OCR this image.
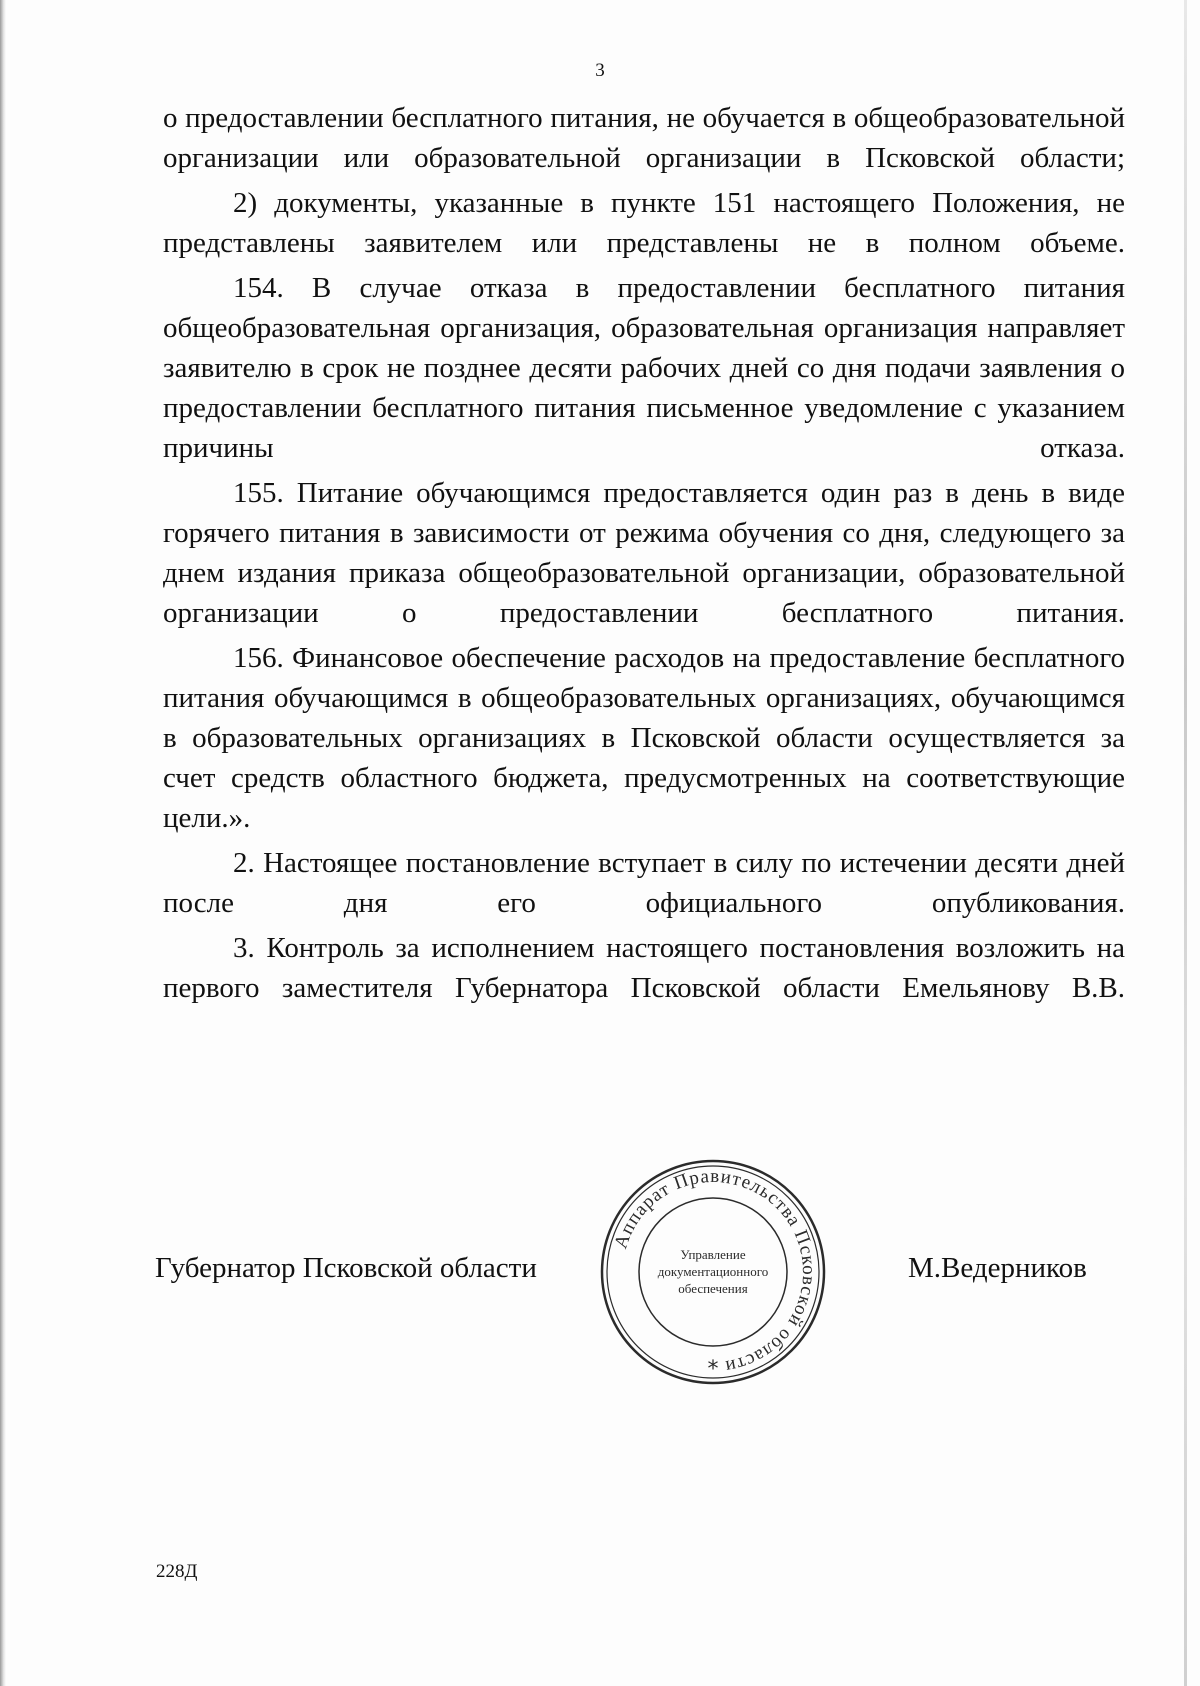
3

о предоставлении бесплатного питания, не обучается в общеобразовательной организации или образовательной организации в Псковской области;

2) документы, указанные в пункте 151 настоящего Положения, не представлены заявителем или представлены не в полном объеме.

154. В случае отказа в предоставлении бесплатного питания общеобразовательная организация, образовательная организация направляет заявителю в срок не позднее десяти рабочих дней со дня подачи заявления о предоставлении бесплатного питания письменное уведомление с указанием причины отказа.

155. Питание обучающимся предоставляется один раз в день в виде горячего питания в зависимости от режима обучения со дня, следующего за днем издания приказа общеобразовательной организации, образовательной организации о предоставлении бесплатного питания.

156. Финансовое обеспечение расходов на предоставление бесплатного питания обучающимся в общеобразовательных организациях, обучающимся в образовательных организациях в Псковской области осуществляется за счет средств областного бюджета, предусмотренных на соответствующие цели.».

2. Настоящее постановление вступает в силу по истечении десяти дней после дня его официального опубликования.

3. Контроль за исполнением настоящего постановления возложить на первого заместителя Губернатора Псковской области Емельянову В.В.

Губернатор Псковской области
Аппарат Правительства Псковской области
Управление
документационного
обеспечения
*
М.Ведерников
228Д
